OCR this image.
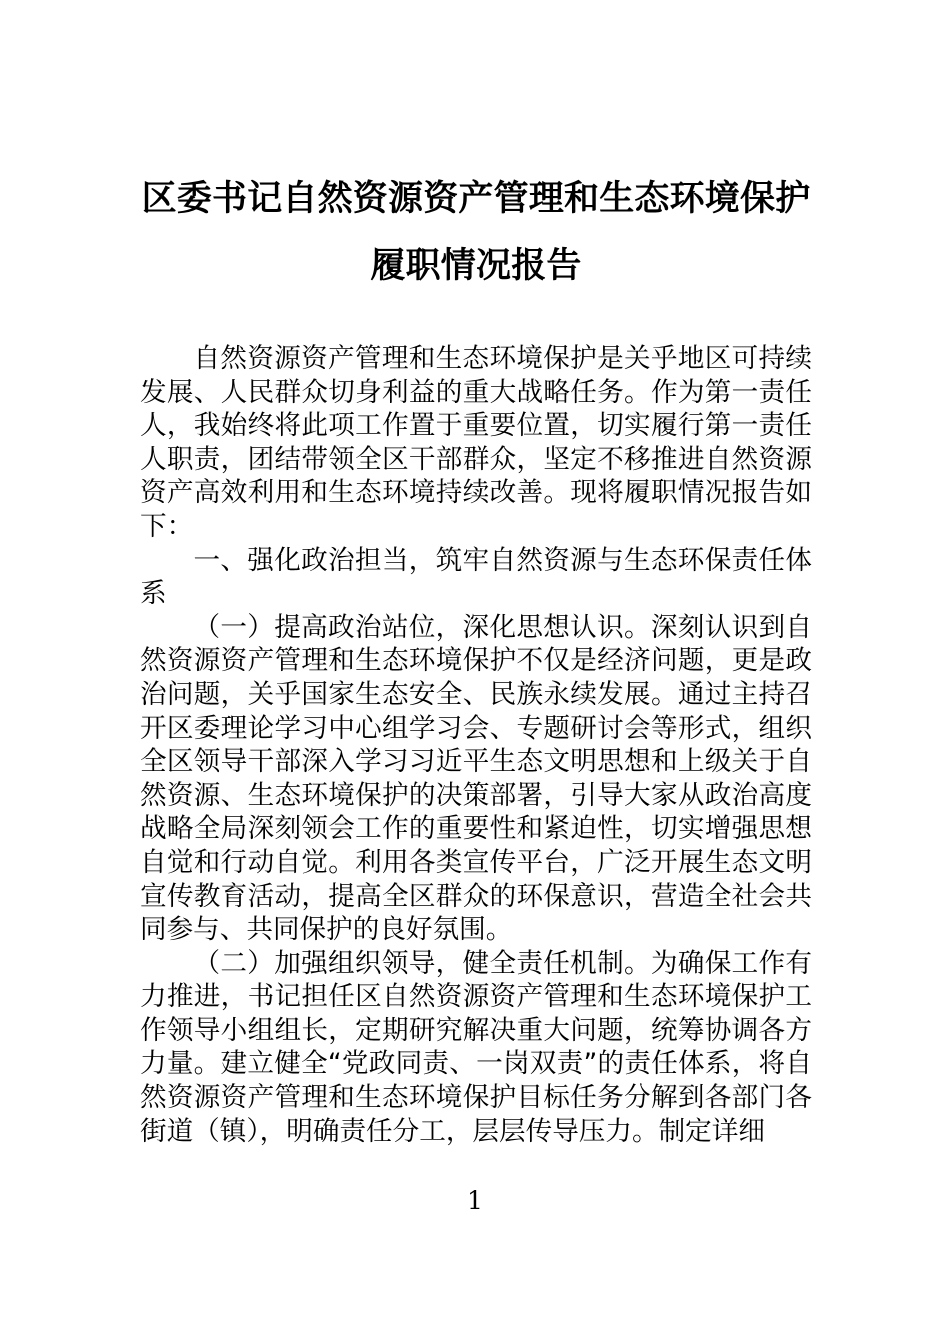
区委书记自然资源资产管理和生态环境保护履职情况报告

自然资源资产管理和生态环境保护是关乎地区可持续发展、人民群众切身利益的重大战略任务。作为第一责任人，我始终将此项工作置于重要位置，切实履行第一责任人职责，团结带领全区干部群众，坚定不移推进自然资源资产高效利用和生态环境持续改善。现将履职情况报告如下：

一、强化政治担当，筑牢自然资源与生态环保责任体系

（一）提高政治站位，深化思想认识。深刻认识到自然资源资产管理和生态环境保护不仅是经济问题，更是政治问题，关乎国家生态安全、民族永续发展。通过主持召开区委理论学习中心组学习会、专题研讨会等形式，组织全区领导干部深入学习习近平生态文明思想和上级关于自然资源、生态环境保护的决策部署，引导大家从政治高度战略全局深刻领会工作的重要性和紧迫性，切实增强思想自觉和行动自觉。利用各类宣传平台，广泛开展生态文明宣传教育活动，提高全区群众的环保意识，营造全社会共同参与、共同保护的良好氛围。

（二）加强组织领导，健全责任机制。为确保工作有力推进，书记担任区自然资源资产管理和生态环境保护工作领导小组组长，定期研究解决重大问题，统筹协调各方力量。建立健全“党政同责、一岗双责”的责任体系，将自然资源资产管理和生态环境保护目标任务分解到各部门各街道（镇），明确责任分工，层层传导压力。制定详细

1
